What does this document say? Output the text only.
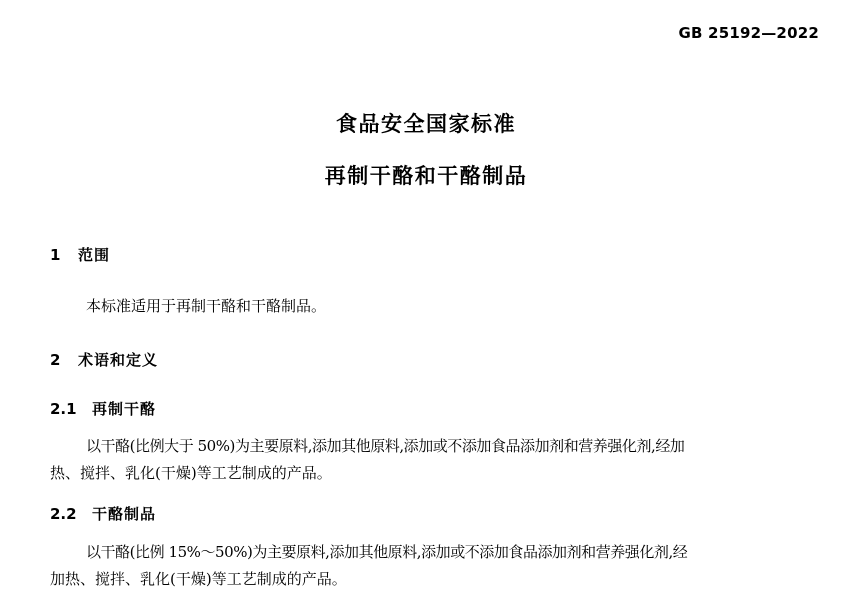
GB 25192—2022
食品安全国家标准
再制干酪和干酪制品
1 范围
本标准适用于再制干酪和干酪制品。
2 术语和定义
2.1 再制干酪
以干酪(比例大于 50%)为主要原料,添加其他原料,添加或不添加食品添加剂和营养强化剂,经加
热、搅拌、乳化(干燥)等工艺制成的产品。
2.2 干酪制品
以干酪(比例 15%～50%)为主要原料,添加其他原料,添加或不添加食品添加剂和营养强化剂,经
加热、搅拌、乳化(干燥)等工艺制成的产品。
